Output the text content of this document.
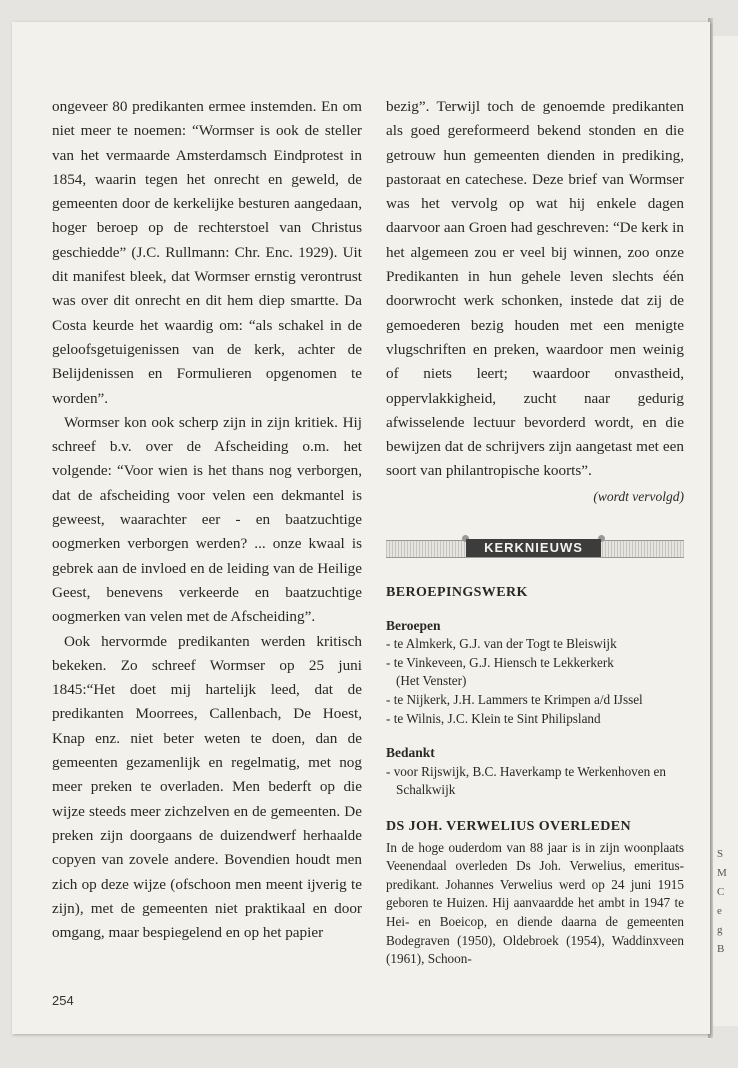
S
M
C
e
g
B

ongeveer 80 predikanten ermee instemden. En om niet meer te noemen: “Wormser is ook de steller van het vermaarde Amsterdamsch Eindprotest in 1854, waarin tegen het onrecht en geweld, de gemeenten door de kerkelijke besturen aangedaan, hoger beroep op de rechterstoel van Christus geschiedde” (J.C. Rullmann: Chr. Enc. 1929). Uit dit manifest bleek, dat Wormser ernstig verontrust was over dit onrecht en dit hem diep smartte. Da Costa keurde het waardig om: “als schakel in de geloofsgetuigenissen van de kerk, achter de Belijdenissen en Formulieren opgenomen te worden”.

Wormser kon ook scherp zijn in zijn kritiek. Hij schreef b.v. over de Afscheiding o.m. het volgende: “Voor wien is het thans nog verborgen, dat de afscheiding voor velen een dekmantel is geweest, waarachter eer - en baatzuchtige oogmerken verborgen werden? ... onze kwaal is gebrek aan de invloed en de leiding van de Heilige Geest, benevens verkeerde en baatzuchtige oogmerken van velen met de Afscheiding”.

Ook hervormde predikanten werden kritisch bekeken. Zo schreef Wormser op 25 juni 1845:“Het doet mij hartelijk leed, dat de predikanten Moorrees, Callenbach, De Hoest, Knap enz. niet beter weten te doen, dan de gemeenten gezamenlijk en regelmatig, met nog meer preken te overladen. Men bederft op die wijze steeds meer zichzelven en de gemeenten. De preken zijn doorgaans de duizendwerf herhaalde copyen van zovele andere. Bovendien houdt men zich op deze wijze (ofschoon men meent ijverig te zijn), met de gemeenten niet praktikaal en door omgang, maar bespiegelend en op het papier

bezig”. Terwijl toch de genoemde predikanten als goed gereformeerd bekend stonden en die getrouw hun gemeenten dienden in prediking, pastoraat en catechese. Deze brief van Wormser was het vervolg op wat hij enkele dagen daarvoor aan Groen had geschreven: “De kerk in het algemeen zou er veel bij winnen, zoo onze Predikanten in hun gehele leven slechts één doorwrocht werk schonken, instede dat zij de gemoederen bezig houden met een menigte vlugschriften en preken, waardoor men weinig of niets leert; waardoor onvastheid, oppervlakkigheid, zucht naar gedurig afwisselende lectuur bevorderd wordt, en die bewijzen dat de schrijvers zijn aangetast met een soort van philantropische koorts”.

(wordt vervolgd)
KERKNIEUWS
BEROEPINGSWERK
Beroepen
- te Almkerk, G.J. van der Togt te Bleiswijk
- te Vinkeveen, G.J. Hiensch te Lekkerkerk
(Het Venster)
- te Nijkerk, J.H. Lammers te Krimpen a/d IJssel
- te Wilnis, J.C. Klein te Sint Philipsland
Bedankt
- voor Rijswijk, B.C. Haverkamp te Werkenhoven en Schalkwijk
DS JOH. VERWELIUS OVERLEDEN

In de hoge ouderdom van 88 jaar is in zijn woonplaats Veenendaal overleden Ds Joh. Verwelius, emeritus-predikant. Johannes Verwelius werd op 24 juni 1915 geboren te Huizen. Hij aanvaardde het ambt in 1947 te Hei- en Boeicop, en diende daarna de gemeenten Bodegraven (1950), Oldebroek (1954), Waddinxveen (1961), Schoon-

254
